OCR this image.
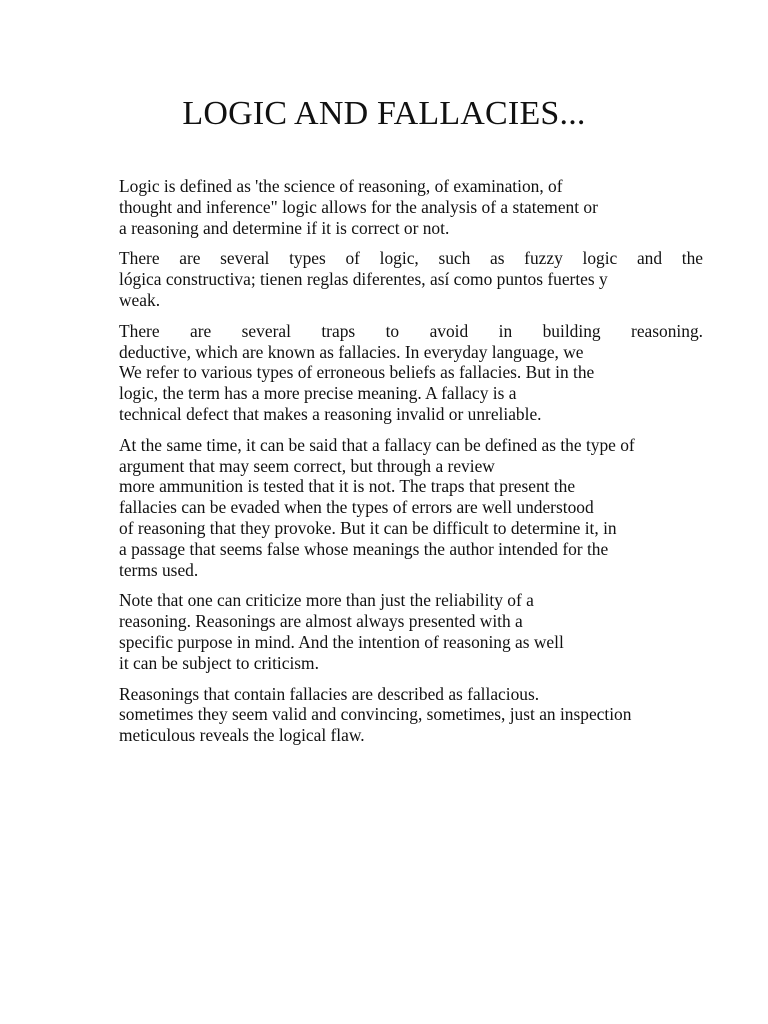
LOGIC AND FALLACIES...

Logic is defined as 'the science of reasoning, of examination, of
thought and inference" logic allows for the analysis of a statement or
a reasoning and determine if it is correct or not.

There are several types of logic, such as fuzzy logic and the
lógica constructiva; tienen reglas diferentes, así como puntos fuertes y
weak.

There are several traps to avoid in building reasoning.
deductive, which are known as fallacies. In everyday language, we
We refer to various types of erroneous beliefs as fallacies. But in the
logic, the term has a more precise meaning. A fallacy is a
technical defect that makes a reasoning invalid or unreliable.

At the same time, it can be said that a fallacy can be defined as the type of
argument that may seem correct, but through a review
more ammunition is tested that it is not. The traps that present the
fallacies can be evaded when the types of errors are well understood
of reasoning that they provoke. But it can be difficult to determine it, in
a passage that seems false whose meanings the author intended for the
terms used.

Note that one can criticize more than just the reliability of a
reasoning. Reasonings are almost always presented with a
specific purpose in mind. And the intention of reasoning as well
it can be subject to criticism.

Reasonings that contain fallacies are described as fallacious.
sometimes they seem valid and convincing, sometimes, just an inspection
meticulous reveals the logical flaw.
